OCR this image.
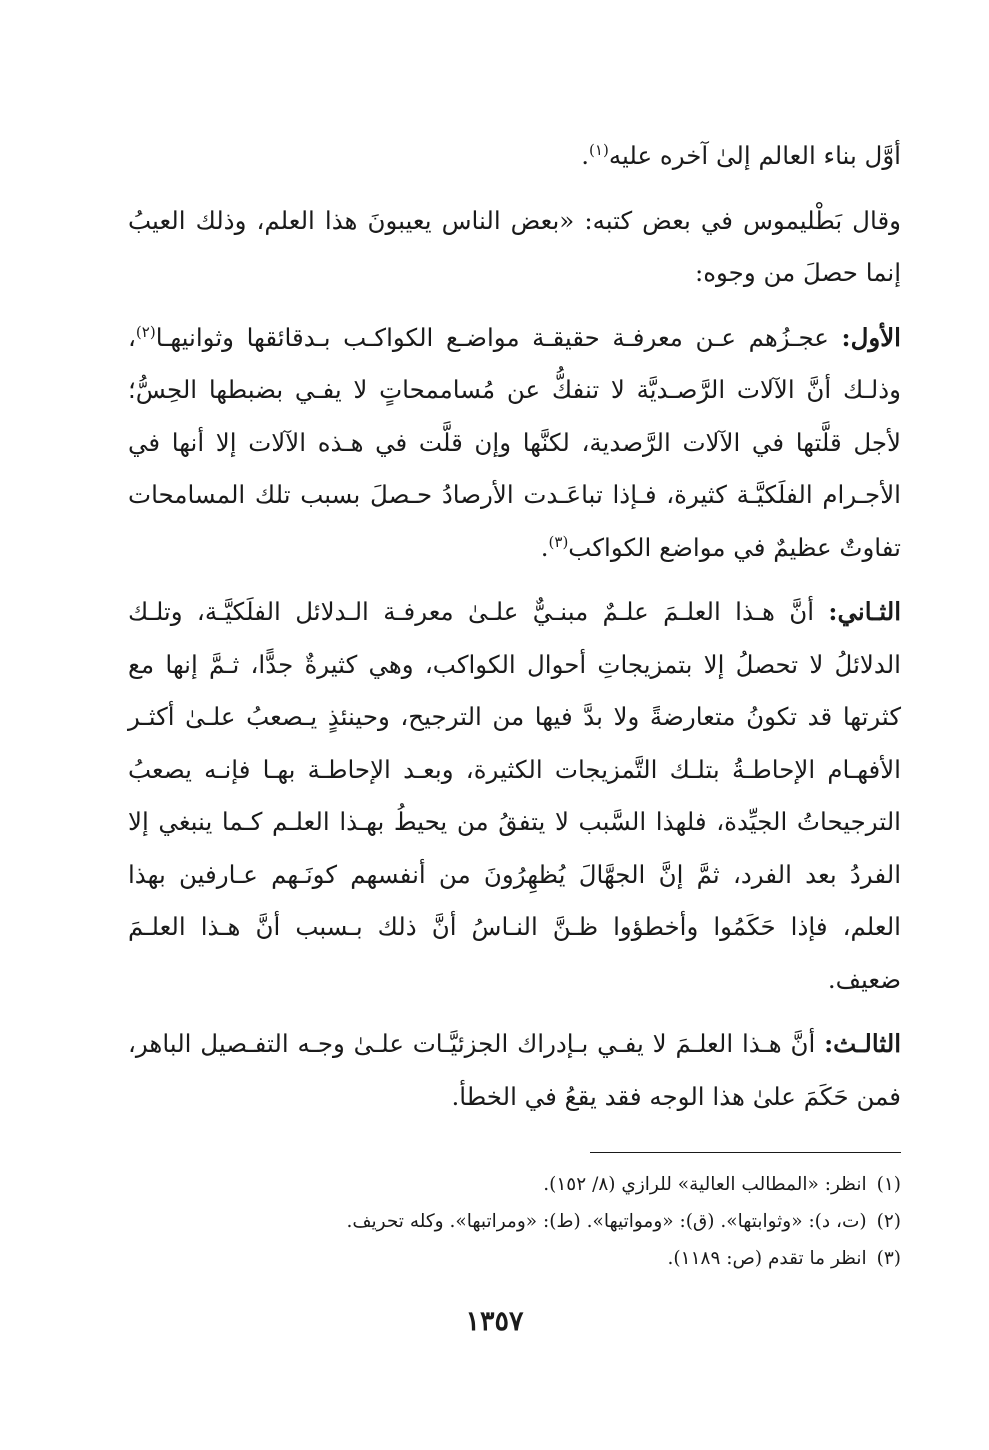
أوَّل بناء العالم إلىٰ آخره عليه$^{(١)}$.

وقال بَطْليموس في بعض كتبه: «بعض الناس يعيبونَ هذا العلم، وذلك العيبُ إنما حصلَ من وجوه:

الأول: عجـزُهم عـن معرفـة حقيقـة مواضـع الكواكـب بـدقائقها وثوانيهـا$^{(٢)}$، وذلـك أنَّ الآلات الرَّصـديَّة لا تنفكُّ عن مُساممحاتٍ لا يفـي بضبطها الحِسُّ؛ لأجل قلَّتها في الآلات الرَّصدية، لكنَّها وإن قلَّت في هـذه الآلات إلا أنها في الأجـرام الفلَكيَّـة كثيرة، فـإذا تباعَـدت الأرصادُ حـصلَ بسبب تلك المسامحات تفاوتٌ عظيمٌ في مواضع الكواكب$^{(٣)}$.

الثـاني: أنَّ هـذا العلـمَ علـمٌ مبنـيٌّ علـىٰ معرفـة الـدلائل الفلَكيَّـة، وتلـك الدلائلُ لا تحصلُ إلا بتمزيجاتِ أحوال الكواكب، وهي كثيرةٌ جدًّا، ثـمَّ إنها مع كثرتها قد تكونُ متعارضةً ولا بدَّ فيها من الترجيح، وحينئذٍ يـصعبُ علـىٰ أكثـر الأفهـام الإحاطـةُ بتلـك التَّمزيجات الكثيرة، وبعـد الإحاطـة بهـا فإنـه يصعبُ الترجيحاتُ الجيِّدة، فلهذا السَّبب لا يتفقُ من يحيطُ بهـذا العلـم كـما ينبغي إلا الفردُ بعد الفرد، ثمَّ إنَّ الجهَّالَ يُظهِرُونَ من أنفسهم كونَـهم عـارفين بهذا العلم، فإذا حَكَمُوا وأخطؤوا ظـنَّ النـاسُ أنَّ ذلك بـسبب أنَّ هـذا العلـمَ ضعيف.

الثالـث: أنَّ هـذا العلـمَ لا يفـي بـإدراك الجزئيَّـات علـىٰ وجـه التفـصيل الباهر، فمن حَكَمَ علىٰ هذا الوجه فقد يقعُ في الخطأ.

(١)انظر: «المطالب العالية» للرازي (٨/ ١٥٢).

(٢)(ت، د): «وثوابتها». (ق): «ومواتيها». (ط): «ومراتبها». وكله تحريف.

(٣)انظر ما تقدم (ص: ١١٨٩).

١٣٥٧
